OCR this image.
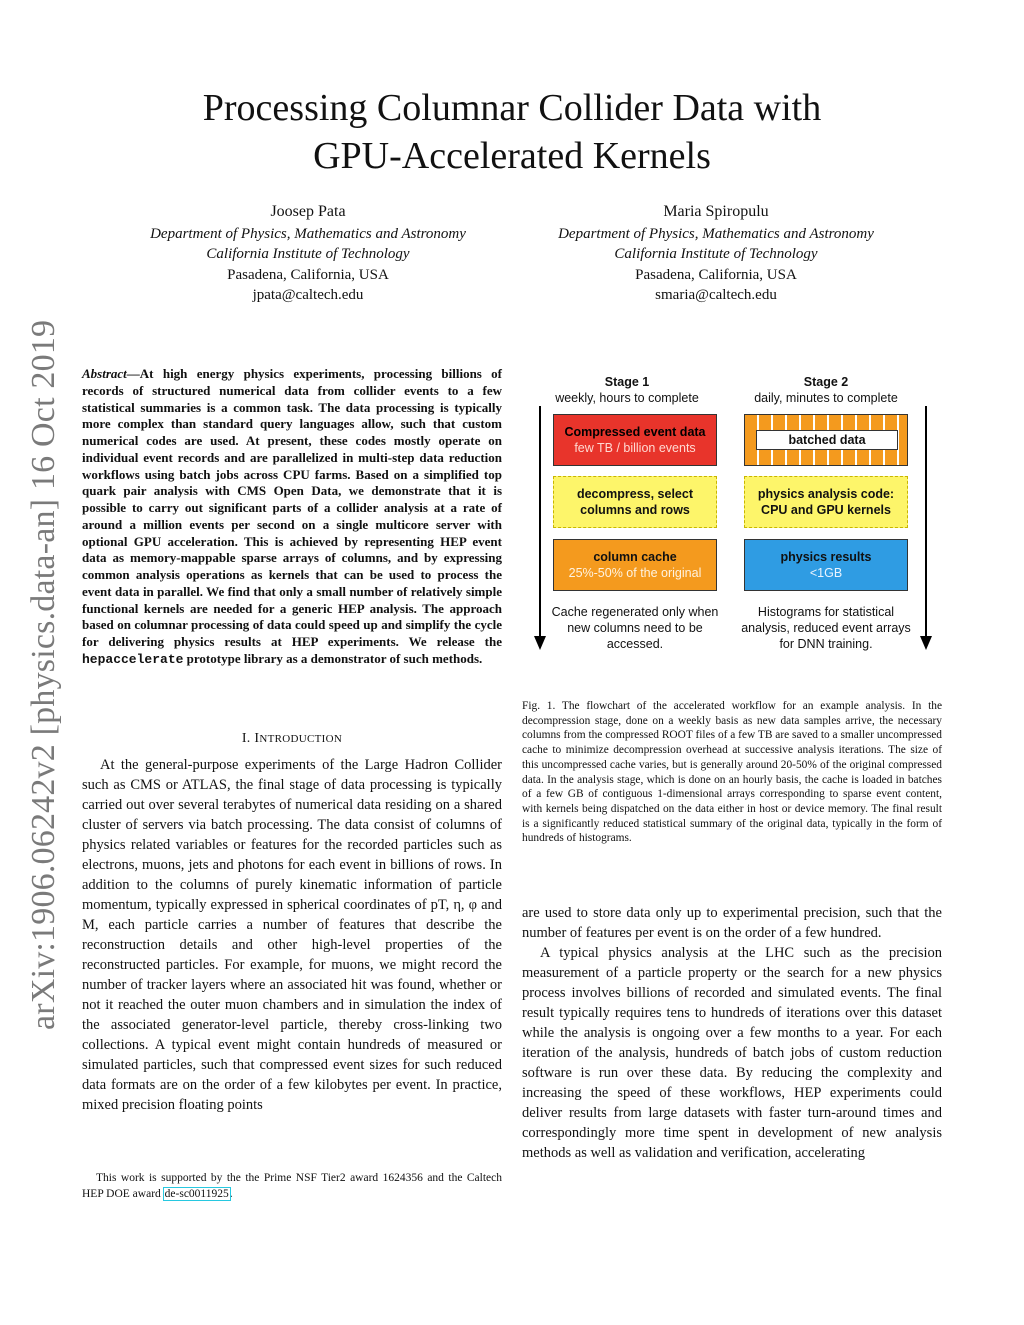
arXiv:1906.06242v2 [physics.data-an] 16 Oct 2019
Processing Columnar Collider Data with
GPU-Accelerated Kernels
Joosep Pata
Department of Physics, Mathematics and Astronomy
California Institute of Technology
Pasadena, California, USA
jpata@caltech.edu
Maria Spiropulu
Department of Physics, Mathematics and Astronomy
California Institute of Technology
Pasadena, California, USA
smaria@caltech.edu
Abstract—At high energy physics experiments, processing billions of records of structured numerical data from collider events to a few statistical summaries is a common task. The data processing is typically more complex than standard query languages allow, such that custom numerical codes are used. At present, these codes mostly operate on individual event records and are parallelized in multi-step data reduction workflows using batch jobs across CPU farms. Based on a simplified top quark pair analysis with CMS Open Data, we demonstrate that it is possible to carry out significant parts of a collider analysis at a rate of around a million events per second on a single multicore server with optional GPU acceleration. This is achieved by representing HEP event data as memory-mappable sparse arrays of columns, and by expressing common analysis operations as kernels that can be used to process the event data in parallel. We find that only a small number of relatively simple functional kernels are needed for a generic HEP analysis. The approach based on columnar processing of data could speed up and simplify the cycle for delivering physics results at HEP experiments. We release the hepaccelerate prototype library as a demonstrator of such methods.
I. INTRODUCTION

At the general-purpose experiments of the Large Hadron Collider such as CMS or ATLAS, the final stage of data processing is typically carried out over several terabytes of numerical data residing on a shared cluster of servers via batch processing. The data consist of columns of physics related variables or features for the recorded particles such as electrons, muons, jets and photons for each event in billions of rows. In addition to the columns of purely kinematic information of particle momentum, typically expressed in spherical coordinates of pT, η, φ and M, each particle carries a number of features that describe the reconstruction details and other high-level properties of the reconstructed particles. For example, for muons, we might record the number of tracker layers where an associated hit was found, whether or not it reached the outer muon chambers and in simulation the index of the associated generator-level particle, thereby cross-linking two collections. A typical event might contain hundreds of measured or simulated particles, such that compressed event sizes for such reduced data formats are on the order of a few kilobytes per event. In practice, mixed precision floating points

This work is supported by the the Prime NSF Tier2 award 1624356 and the Caltech HEP DOE award de-sc0011925.
Stage 1
weekly, hours to complete
Stage 2
daily, minutes to complete
Compressed event data
few TB / billion events
decompress, select columns and rows
column cache
25%-50% of the original
batched data
physics analysis code: CPU and GPU kernels
physics results
<1GB
Cache regenerated only when new columns need to be accessed.
Histograms for statistical analysis, reduced event arrays for DNN training.
Fig. 1. The flowchart of the accelerated workflow for an example analysis. In the decompression stage, done on a weekly basis as new data samples arrive, the necessary columns from the compressed ROOT files of a few TB are saved to a smaller uncompressed cache to minimize decompression overhead at successive analysis iterations. The size of this uncompressed cache varies, but is generally around 20-50% of the original compressed data. In the analysis stage, which is done on an hourly basis, the cache is loaded in batches of a few GB of contiguous 1-dimensional arrays corresponding to sparse event content, with kernels being dispatched on the data either in host or device memory. The final result is a significantly reduced statistical summary of the original data, typically in the form of hundreds of histograms.

are used to store data only up to experimental precision, such that the number of features per event is on the order of a few hundred.

A typical physics analysis at the LHC such as the precision measurement of a particle property or the search for a new physics process involves billions of recorded and simulated events. The final result typically requires tens to hundreds of iterations over this dataset while the analysis is ongoing over a few months to a year. For each iteration of the analysis, hundreds of batch jobs of custom reduction software is run over these data. By reducing the complexity and increasing the speed of these workflows, HEP experiments could deliver results from large datasets with faster turn-around times and correspondingly more time spent in development of new analysis methods as well as validation and verification, accelerating
